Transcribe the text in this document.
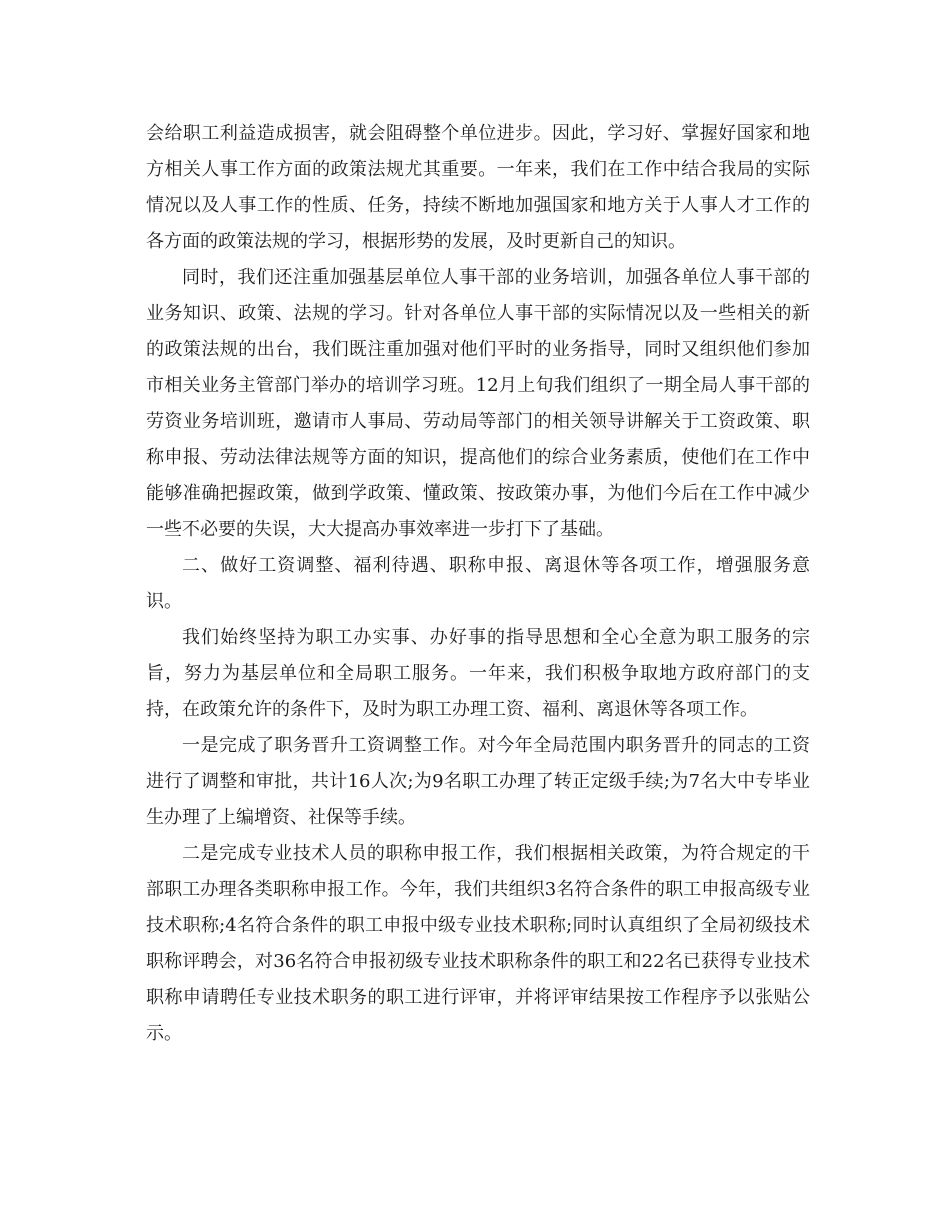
会给职工利益造成损害，就会阻碍整个单位进步。因此，学习好、掌握好国家和地方相关人事工作方面的政策法规尤其重要。一年来，我们在工作中结合我局的实际情况以及人事工作的性质、任务，持续不断地加强国家和地方关于人事人才工作的各方面的政策法规的学习，根据形势的发展，及时更新自己的知识。

同时，我们还注重加强基层单位人事干部的业务培训，加强各单位人事干部的业务知识、政策、法规的学习。针对各单位人事干部的实际情况以及一些相关的新的政策法规的出台，我们既注重加强对他们平时的业务指导，同时又组织他们参加市相关业务主管部门举办的培训学习班。12月上旬我们组织了一期全局人事干部的劳资业务培训班，邀请市人事局、劳动局等部门的相关领导讲解关于工资政策、职称申报、劳动法律法规等方面的知识，提高他们的综合业务素质，使他们在工作中能够准确把握政策，做到学政策、懂政策、按政策办事，为他们今后在工作中减少一些不必要的失误，大大提高办事效率进一步打下了基础。

二、做好工资调整、福利待遇、职称申报、离退休等各项工作，增强服务意识。

我们始终坚持为职工办实事、办好事的指导思想和全心全意为职工服务的宗旨，努力为基层单位和全局职工服务。一年来，我们积极争取地方政府部门的支持，在政策允许的条件下，及时为职工办理工资、福利、离退休等各项工作。

一是完成了职务晋升工资调整工作。对今年全局范围内职务晋升的同志的工资进行了调整和审批，共计16人次;为9名职工办理了转正定级手续;为7名大中专毕业生办理了上编增资、社保等手续。

二是完成专业技术人员的职称申报工作，我们根据相关政策，为符合规定的干部职工办理各类职称申报工作。今年，我们共组织3名符合条件的职工申报高级专业技术职称;4名符合条件的职工申报中级专业技术职称;同时认真组织了全局初级技术职称评聘会，对36名符合申报初级专业技术职称条件的职工和22名已获得专业技术职称申请聘任专业技术职务的职工进行评审，并将评审结果按工作程序予以张贴公示。
